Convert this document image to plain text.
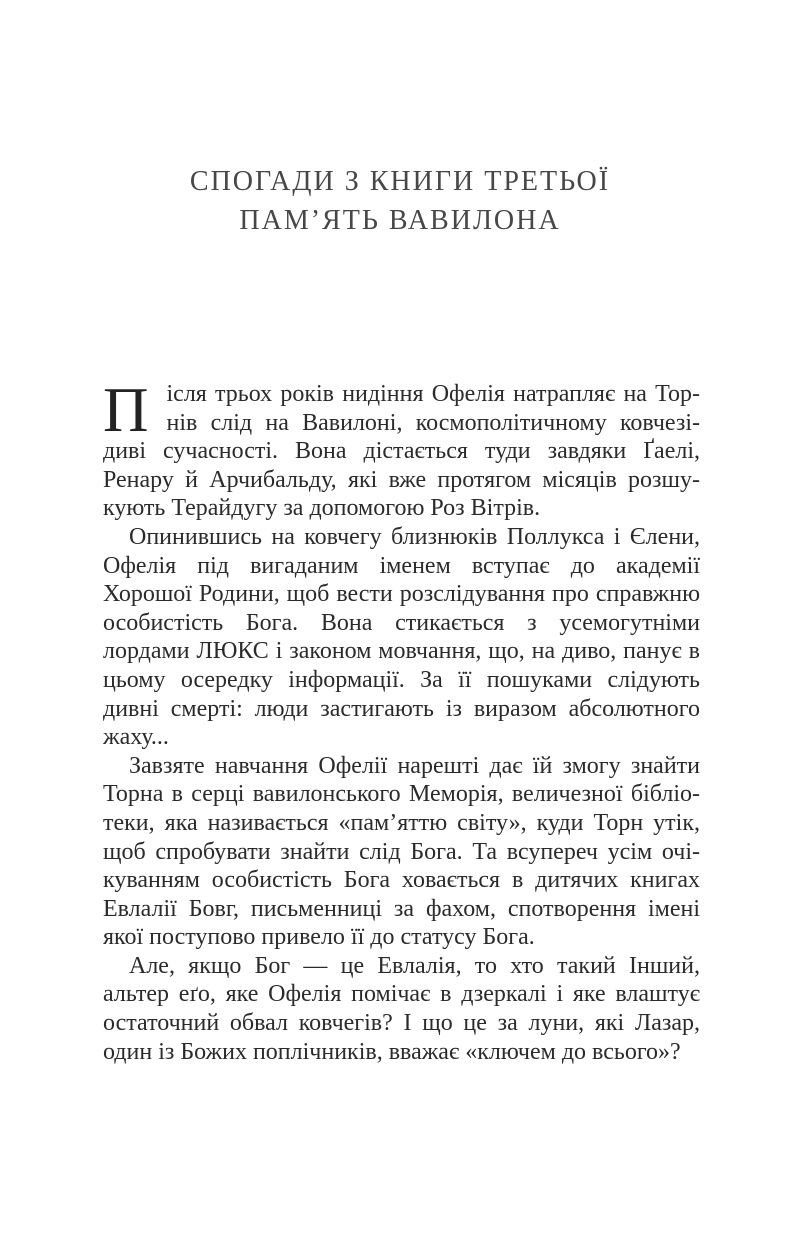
СПОГАДИ З КНИГИ ТРЕТЬОЇ
ПАМ’ЯТЬ ВАВИЛОНА

Після трьох років нидіння Офелія натрапляє на Торнів слід на Вавилоні, космополітичному ковчезі-диві сучасності. Вона дістається туди завдяки Ґаелі, Ренару й Арчибальду, які вже протягом місяців розшукують Терайдугу за допомогою Роз Вітрів.

Опинившись на ковчегу близнюків Поллукса і Єлени, Офелія під вигаданим іменем вступає до академії Хорошої Родини, щоб вести розслідування про справжню особистість Бога. Вона стикається з усемогутніми лордами ЛЮКС і законом мовчання, що, на диво, панує в цьому осередку інформації. За її пошуками слідують дивні смерті: люди застигають із виразом абсолютного жаху...

Завзяте навчання Офелії нарешті дає їй змогу знайти Торна в серці вавилонського Меморія, величезної бібліотеки, яка називається «пам’яттю світу», куди Торн утік, щоб спробувати знайти слід Бога. Та всупереч усім очікуванням особистість Бога ховається в дитячих книгах Евлалії Бовг, письменниці за фахом, спотворення імені якої поступово привело її до статусу Бога.

Але, якщо Бог — це Евлалія, то хто такий Інший, альтер еґо, яке Офелія помічає в дзеркалі і яке влаштує остаточний обвал ковчегів? І що це за луни, які Лазар, один із Божих поплічників, вважає «ключем до всього»?
